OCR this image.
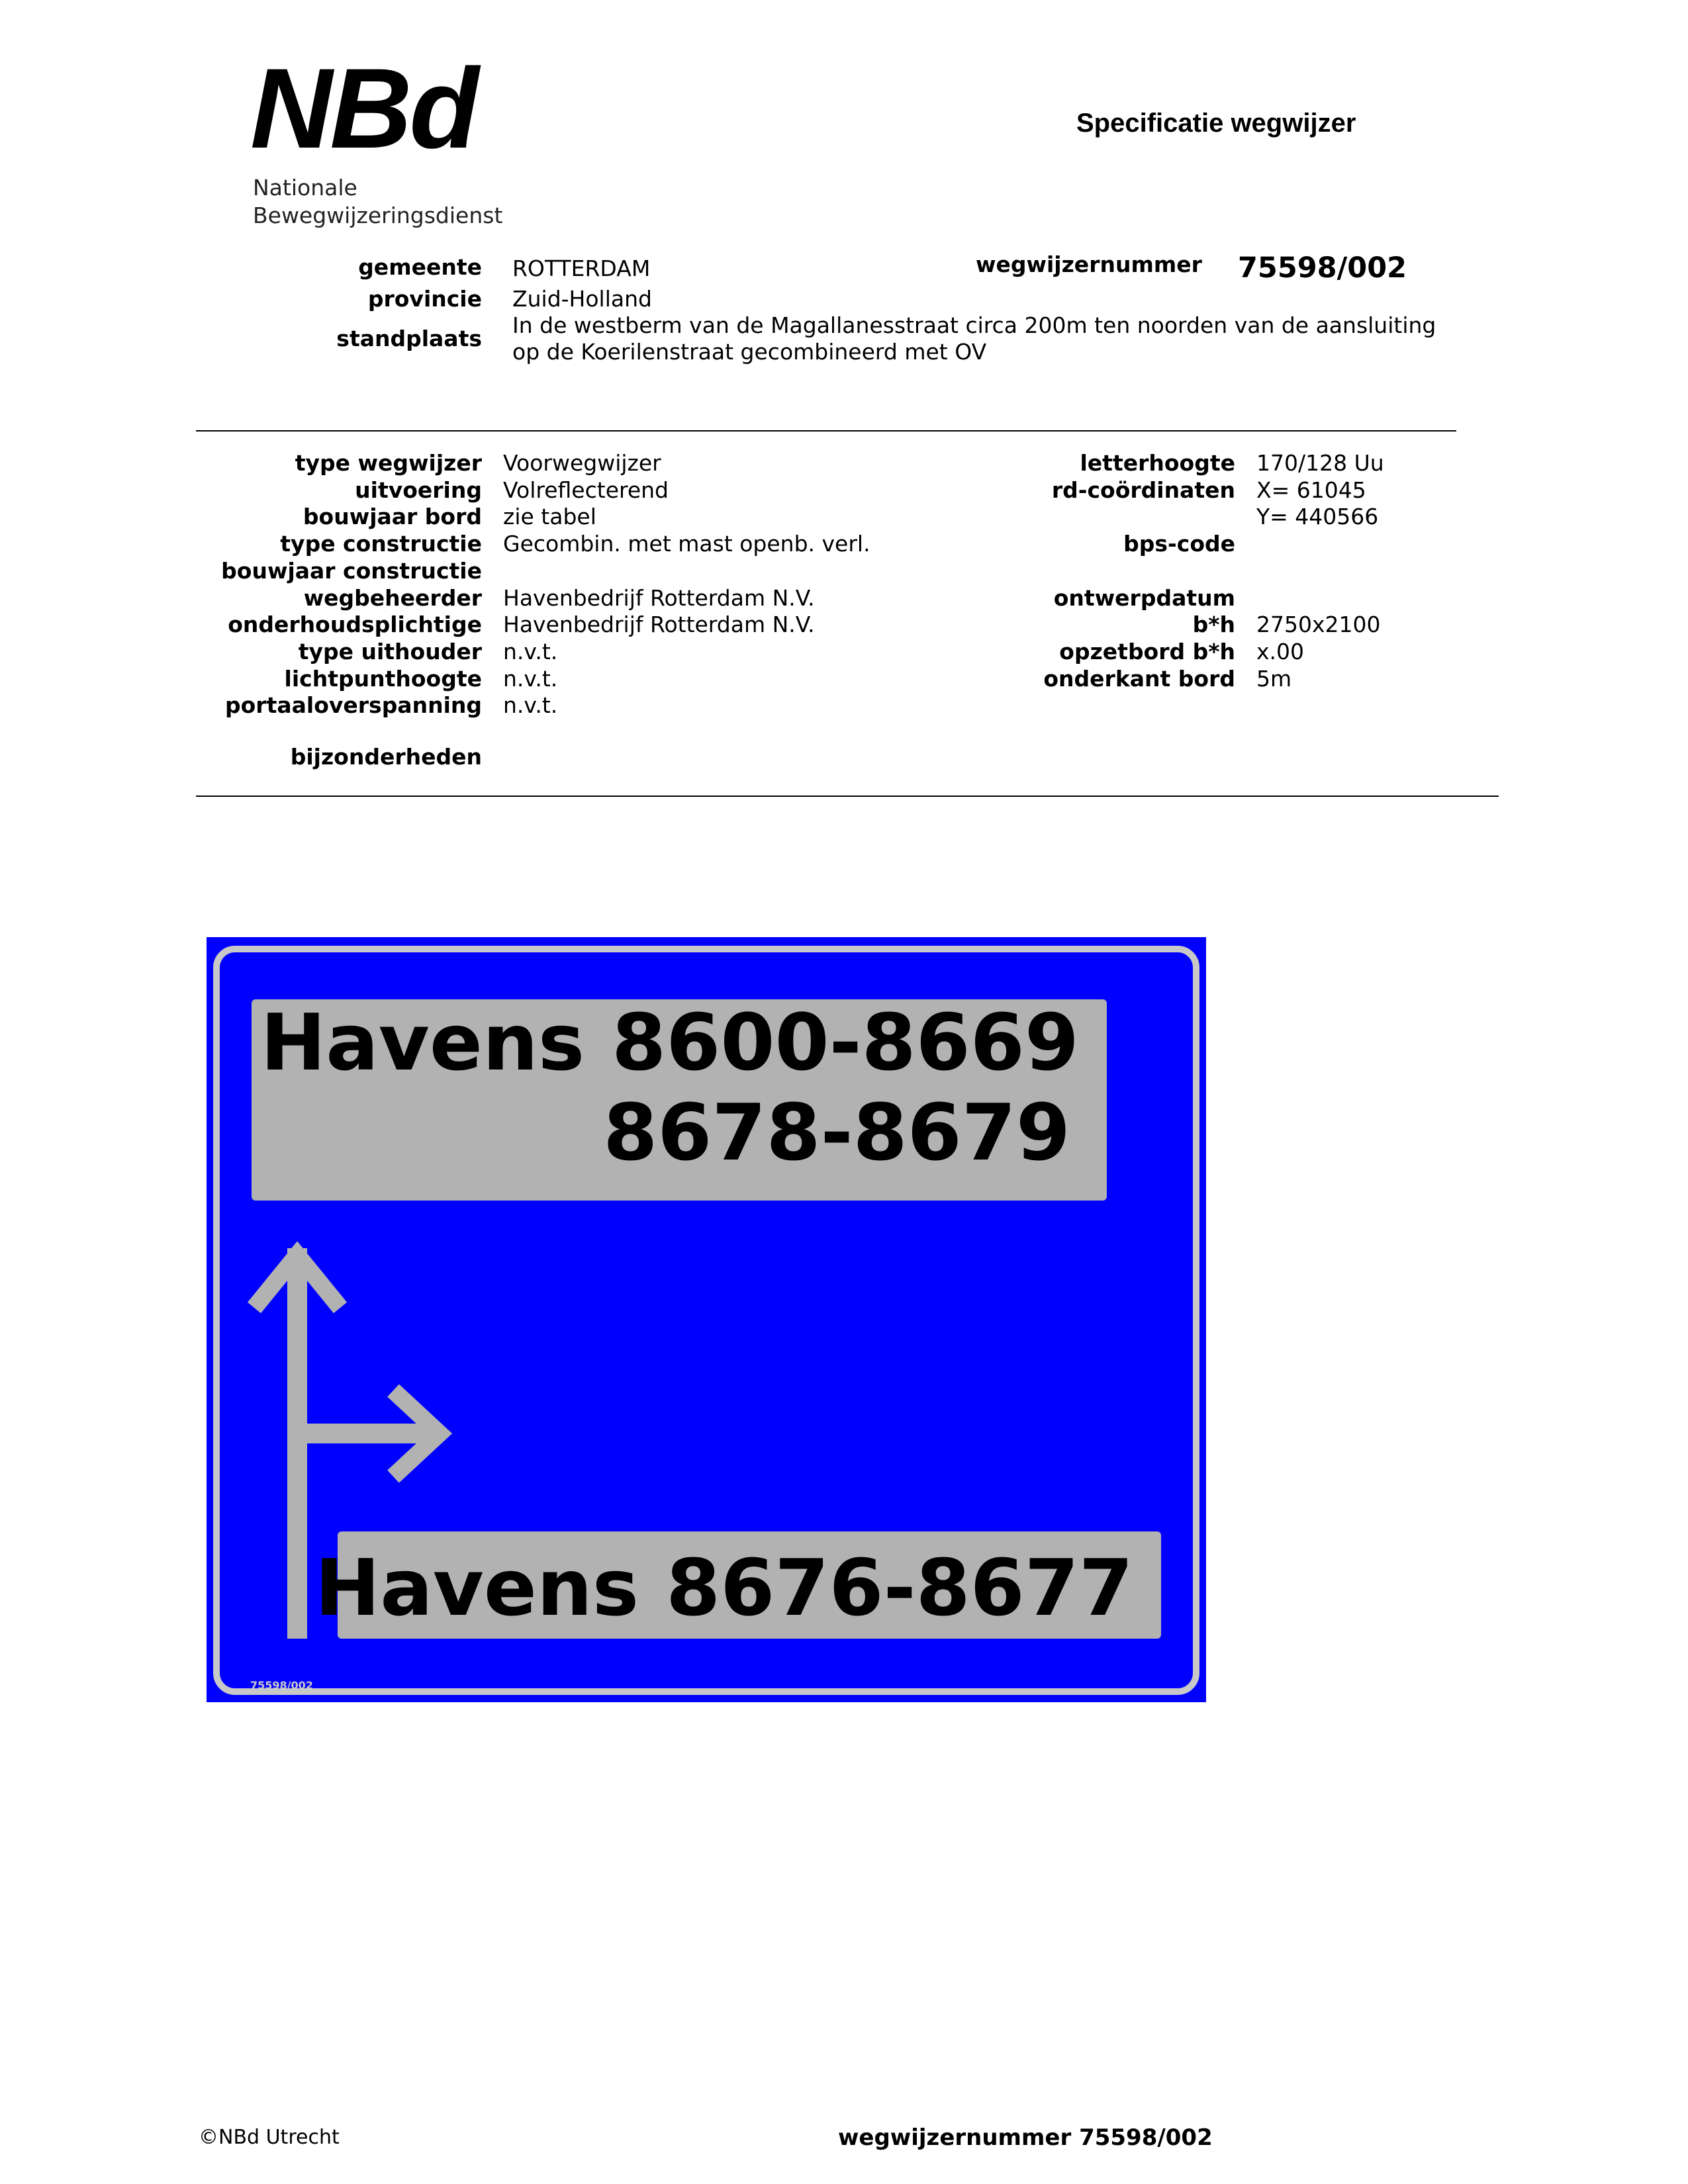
NBd
Nationale
Bewegwijzeringsdienst
Specificatie wegwijzer
gemeente ROTTERDAM
provincie Zuid-Holland
standplaats
In de westberm van de Magallanesstraat circa 200m ten noorden van de aansluiting
op de Koerilenstraat gecombineerd met OV
wegwijzernummer 75598/002
type wegwijzer Voorwegwijzer
uitvoering Volreflecterend
bouwjaar bord zie tabel
type constructie Gecombin. met mast openb. verl.
bouwjaar constructie
wegbeheerder Havenbedrijf Rotterdam N.V.
onderhoudsplichtige Havenbedrijf Rotterdam N.V.
type uithouder n.v.t.
lichtpunthoogte n.v.t.
portaaloverspanning n.v.t.
letterhoogte 170/128 Uu
rd-coördinaten X= 61045
Y= 440566
bps-code
ontwerpdatum
b*h 2750x2100
opzetbord b*h x.00
onderkant bord 5m
bijzonderheden
Havens 8600-8669
8678-8679
Havens 8676-8677
75598/002
©NBd Utrecht	wegwijzernummer 75598/002
